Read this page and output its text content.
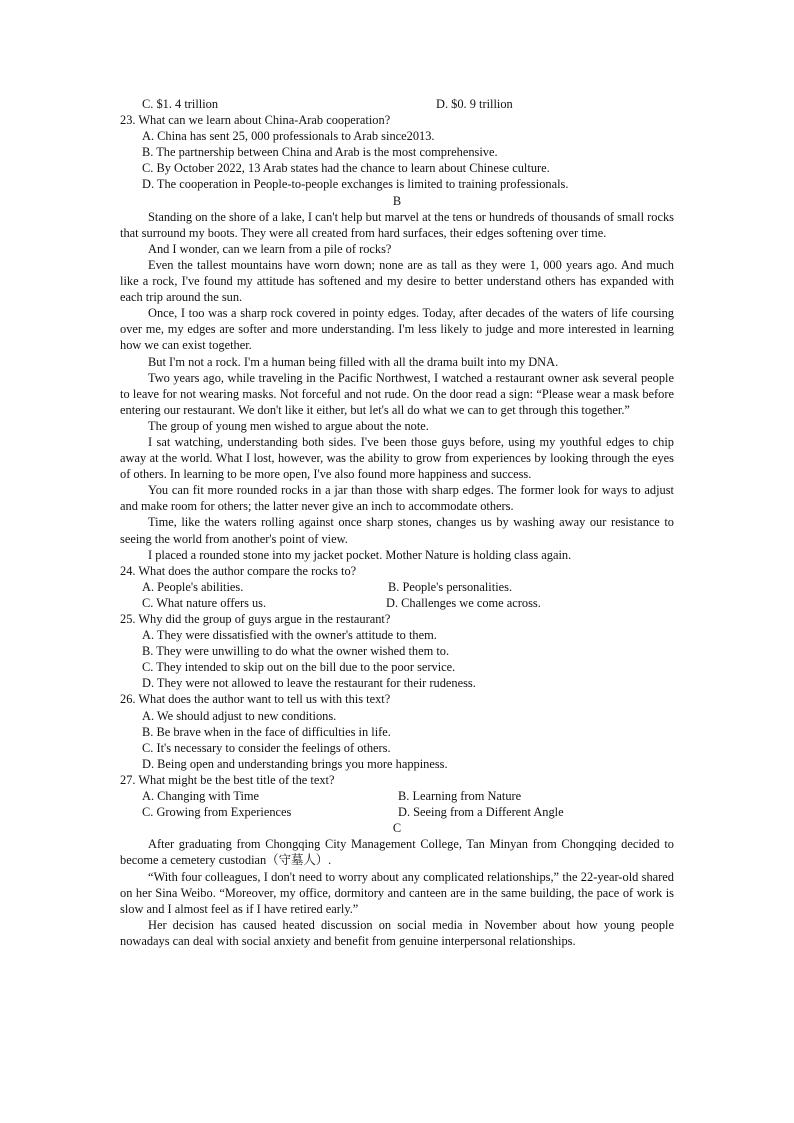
C. $1. 4 trillion	D. $0. 9 trillion
23. What can we learn about China-Arab cooperation?
A. China has sent 25, 000 professionals to Arab since2013.
B. The partnership between China and Arab is the most comprehensive.
C. By October 2022, 13 Arab states had the chance to learn about Chinese culture.
D. The cooperation in People-to-people exchanges is limited to training professionals.
B
Standing on the shore of a lake, I can't help but marvel at the tens or hundreds of thousands of small rocks that surround my boots. They were all created from hard surfaces, their edges softening over time.
And I wonder, can we learn from a pile of rocks?
Even the tallest mountains have worn down; none are as tall as they were 1, 000 years ago. And much like a rock, I've found my attitude has softened and my desire to better understand others has expanded with each trip around the sun.
Once, I too was a sharp rock covered in pointy edges. Today, after decades of the waters of life coursing over me, my edges are softer and more understanding. I'm less likely to judge and more interested in learning how we can exist together.
But I'm not a rock. I'm a human being filled with all the drama built into my DNA.
Two years ago, while traveling in the Pacific Northwest, I watched a restaurant owner ask several people to leave for not wearing masks. Not forceful and not rude. On the door read a sign: “Please wear a mask before entering our restaurant. We don't like it either, but let's all do what we can to get through this together.”
The group of young men wished to argue about the note.
I sat watching, understanding both sides. I've been those guys before, using my youthful edges to chip away at the world. What I lost, however, was the ability to grow from experiences by looking through the eyes of others. In learning to be more open, I've also found more happiness and success.
You can fit more rounded rocks in a jar than those with sharp edges. The former look for ways to adjust and make room for others; the latter never give an inch to accommodate others.
Time, like the waters rolling against once sharp stones, changes us by washing away our resistance to seeing the world from another's point of view.
I placed a rounded stone into my jacket pocket. Mother Nature is holding class again.
24. What does the author compare the rocks to?
A. People's abilities.	B. People's personalities.
C. What nature offers us.	D. Challenges we come across.
25. Why did the group of guys argue in the restaurant?
A. They were dissatisfied with the owner's attitude to them.
B. They were unwilling to do what the owner wished them to.
C. They intended to skip out on the bill due to the poor service.
D. They were not allowed to leave the restaurant for their rudeness.
26. What does the author want to tell us with this text?
A. We should adjust to new conditions.
B. Be brave when in the face of difficulties in life.
C. It's necessary to consider the feelings of others.
D. Being open and understanding brings you more happiness.
27. What might be the best title of the text?
A. Changing with Time	B. Learning from Nature
C. Growing from Experiences	D. Seeing from a Different Angle
C
After graduating from Chongqing City Management College, Tan Minyan from Chongqing decided to become a cemetery custodian（守墓人）.
“With four colleagues, I don't need to worry about any complicated relationships,” the 22-year-old shared on her Sina Weibo. “Moreover, my office, dormitory and canteen are in the same building, the pace of work is slow and I almost feel as if I have retired early.”
Her decision has caused heated discussion on social media in November about how young people nowadays can deal with social anxiety and benefit from genuine interpersonal relationships.
